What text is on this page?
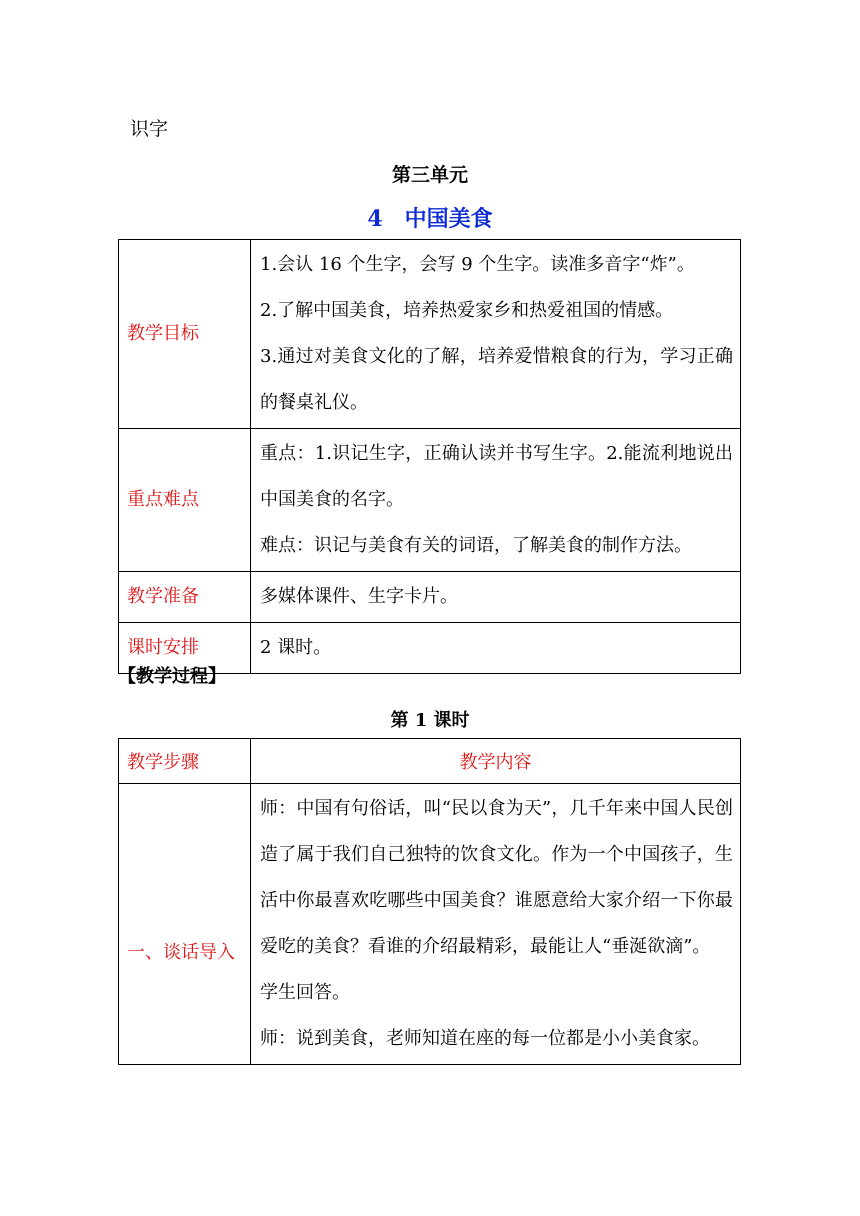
识字
第三单元
4 中国美食
教学目标	1.会认 16 个生字，会写 9 个生字。读准多音字“炸”。

2.了解中国美食，培养热爱家乡和热爱祖国的情感。

3.通过对美食文化的了解，培养爱惜粮食的行为，学习正确的餐桌礼仪。

重点难点	重点：1.识记生字，正确认读并书写生字。2.能流利地说出中国美食的名字。

难点：识记与美食有关的词语，了解美食的制作方法。

教学准备	多媒体课件、生字卡片。

课时安排	2 课时。

【教学过程】
第 1 课时
教学步骤	教学内容
一、谈话导入	师：中国有句俗话，叫“民以食为天”，几千年来中国人民创造了属于我们自己独特的饮食文化。作为一个中国孩子，生活中你最喜欢吃哪些中国美食？谁愿意给大家介绍一下你最爱吃的美食？看谁的介绍最精彩，最能让人“垂涎欲滴”。

学生回答。

师：说到美食，老师知道在座的每一位都是小小美食家。
